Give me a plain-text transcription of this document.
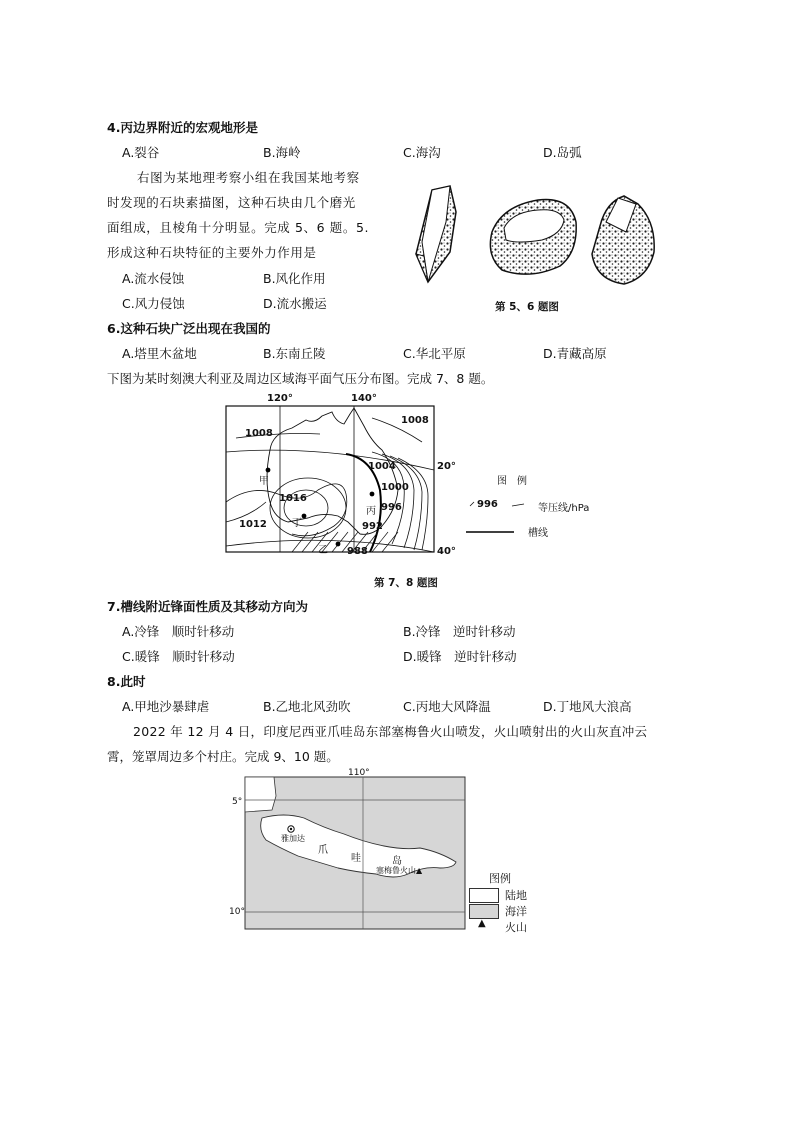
4.丙边界附近的宏观地形是
A.裂谷	B.海岭	C.海沟	D.岛弧
右图为某地理考察小组在我国某地考察
时发现的石块素描图，这种石块由几个磨光
面组成，且棱角十分明显。完成 5、6 题。5.
形成这种石块特征的主要外力作用是
A.流水侵蚀	B.风化作用
C.风力侵蚀	D.流水搬运	第 5、6 题图
6.这种石块广泛出现在我国的
A.塔里木盆地	B.东南丘陵	C.华北平原	D.青藏高原
下图为某时刻澳大利亚及周边区域海平面气压分布图。完成 7、8 题。
120°	140°
20°
40°
1008
1008
1004
1000
996
992
988
1016
1012
甲
乙
丙
丁
图　例
996	等压线/hPa
槽线
第 7、8 题图
7.槽线附近锋面性质及其移动方向为
A.冷锋　顺时针移动	B.冷锋　逆时针移动
C.暖锋　顺时针移动	D.暖锋　逆时针移动
8.此时
A.甲地沙暴肆虐	B.乙地北风劲吹	C.丙地大风降温	D.丁地风大浪高
2022 年 12 月 4 日，印度尼西亚爪哇岛东部塞梅鲁火山喷发，火山喷射出的火山灰直冲云
霄，笼罩周边多个村庄。完成 9、10 题。
110°
5°
10°
雅加达
爪
哇	岛
塞梅鲁火山▲
图例
陆地
海洋
▲ 火山
